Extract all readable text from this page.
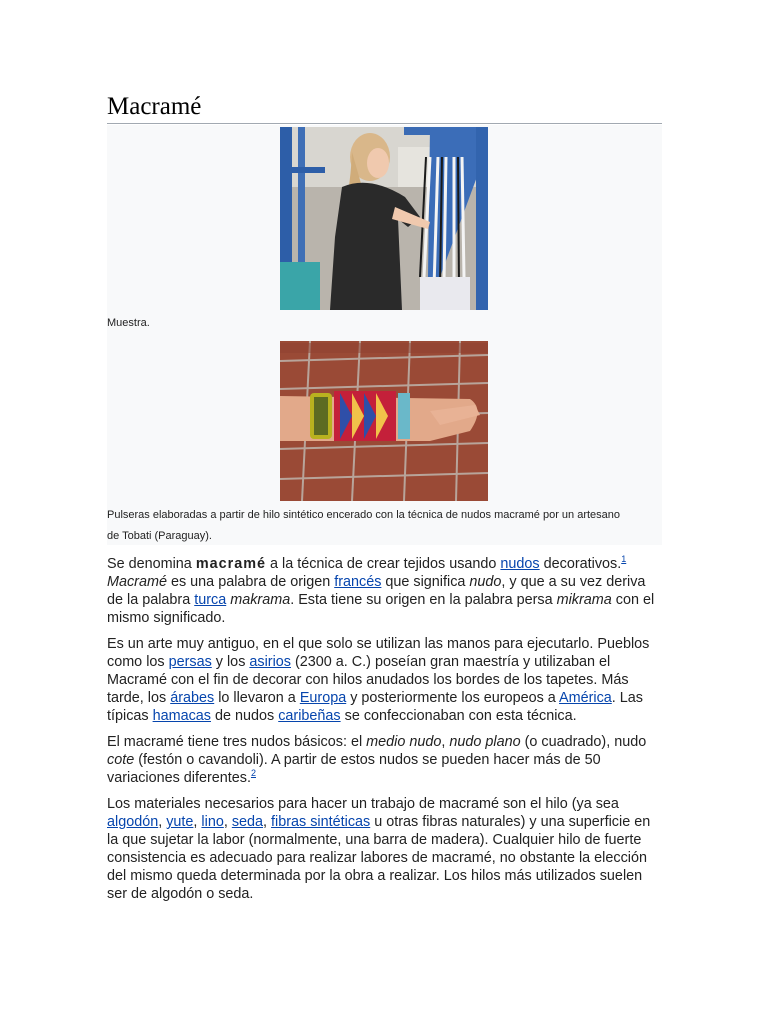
Macramé
Muestra.
Pulseras elaboradas a partir de hilo sintético encerado con la técnica de nudos macramé por un artesano de Tobati (Paraguay).

Se denomina macramé a la técnica de crear tejidos usando nudos decorativos.$^1$ Macramé es una palabra de origen francés que significa nudo, y que a su vez deriva de la palabra turca makrama. Esta tiene su origen en la palabra persa mikrama con el mismo significado.

Es un arte muy antiguo, en el que solo se utilizan las manos para ejecutarlo. Pueblos como los persas y los asirios (2300 a. C.) poseían gran maestría y utilizaban el Macramé con el fin de decorar con hilos anudados los bordes de los tapetes. Más tarde, los árabes lo llevaron a Europa y posteriormente los europeos a América. Las típicas hamacas de nudos caribeñas se confeccionaban con esta técnica.

El macramé tiene tres nudos básicos: el medio nudo, nudo plano (o cuadrado), nudo cote (festón o cavandoli). A partir de estos nudos se pueden hacer más de 50 variaciones diferentes.$^2$

Los materiales necesarios para hacer un trabajo de macramé son el hilo (ya sea algodón, yute, lino, seda, fibras sintéticas u otras fibras naturales) y una superficie en la que sujetar la labor (normalmente, una barra de madera). Cualquier hilo de fuerte consistencia es adecuado para realizar labores de macramé, no obstante la elección del mismo queda determinada por la obra a realizar. Los hilos más utilizados suelen ser de algodón o seda.
